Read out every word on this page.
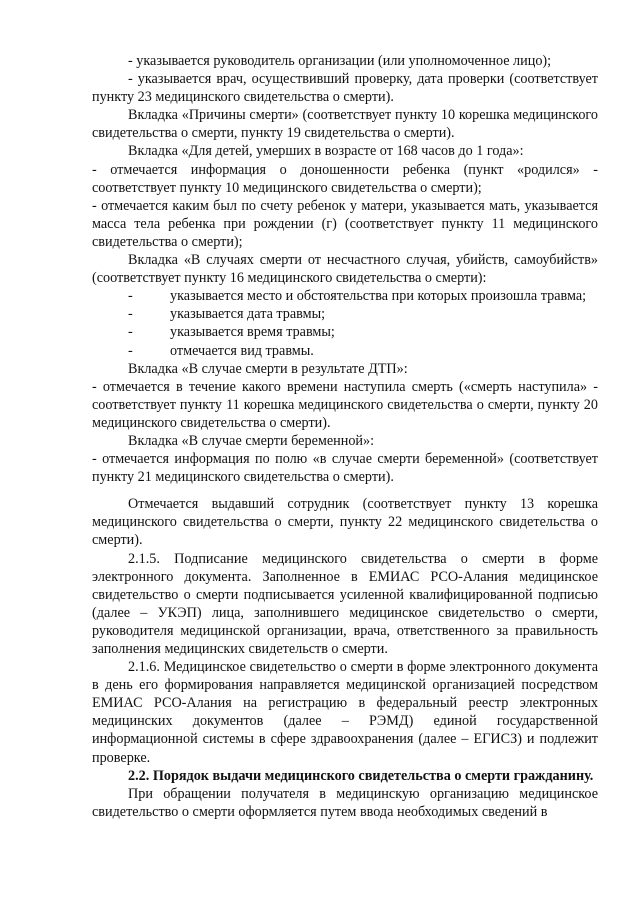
- указывается руководитель организации (или уполномоченное лицо);

- указывается врач, осуществивший проверку, дата проверки (соответствует пункту 23 медицинского свидетельства о смерти).

Вкладка «Причины смерти» (соответствует пункту 10 корешка медицинского свидетельства о смерти, пункту 19 свидетельства о смерти).

Вкладка «Для детей, умерших в возрасте от 168 часов до 1 года»:

- отмечается информация о доношенности ребенка (пункт «родился» - соответствует пункту 10 медицинского свидетельства о смерти);

- отмечается каким был по счету ребенок у матери, указывается мать, указывается масса тела ребенка при рождении (г) (соответствует пункту 11 медицинского свидетельства о смерти);

Вкладка «В случаях смерти от несчастного случая, убийств, самоубийств» (соответствует пункту 16 медицинского свидетельства о смерти):

-	указывается место и обстоятельства при которых произошла травма;
-	указывается дата травмы;
-	указывается время травмы;
-	отмечается вид травмы.

Вкладка «В случае смерти в результате ДТП»:

- отмечается в течение какого времени наступила смерть («смерть наступила» - соответствует пункту 11 корешка медицинского свидетельства о смерти, пункту 20 медицинского свидетельства о смерти).

Вкладка «В случае смерти беременной»:

- отмечается информация по полю «в случае смерти беременной» (соответствует пункту 21 медицинского свидетельства о смерти).

Отмечается выдавший сотрудник (соответствует пункту 13 корешка медицинского свидетельства о смерти, пункту 22 медицинского свидетельства о смерти).

2.1.5. Подписание медицинского свидетельства о смерти в форме электронного документа. Заполненное в ЕМИАС РСО-Алания медицинское свидетельство о смерти подписывается усиленной квалифицированной подписью (далее – УКЭП) лица, заполнившего медицинское свидетельство о смерти, руководителя медицинской организации, врача, ответственного за правильность заполнения медицинских свидетельств о смерти.

2.1.6. Медицинское свидетельство о смерти в форме электронного документа в день его формирования направляется медицинской организацией посредством ЕМИАС РСО-Алания на регистрацию в федеральный реестр электронных медицинских документов (далее – РЭМД) единой государственной информационной системы в сфере здравоохранения (далее – ЕГИСЗ) и подлежит проверке.

2.2. Порядок выдачи медицинского свидетельства о смерти гражданину.

При обращении получателя в медицинскую организацию медицинское свидетельство о смерти оформляется путем ввода необходимых сведений в
